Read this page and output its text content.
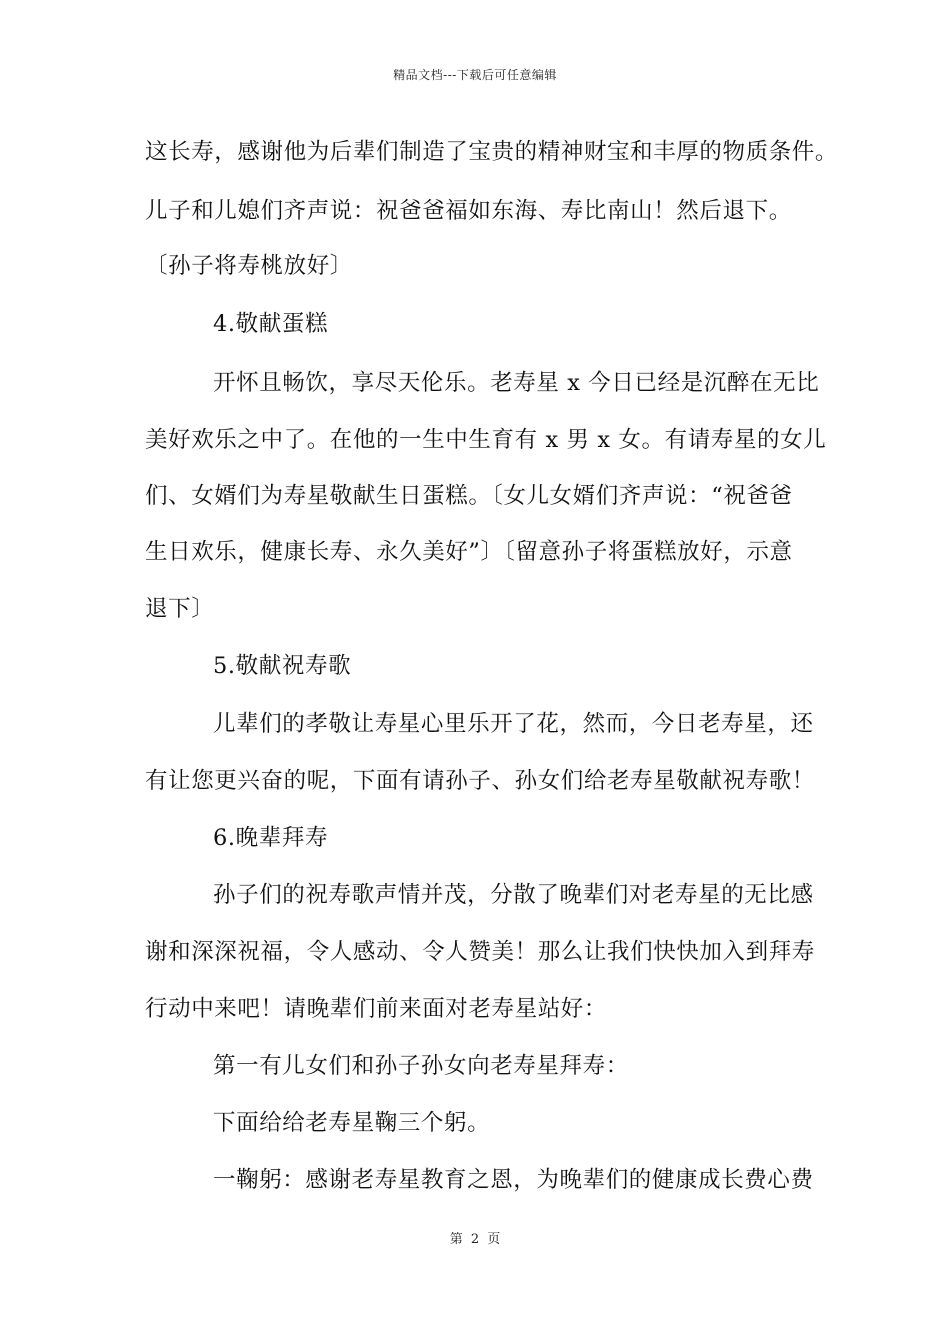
精品文档---下载后可任意编辑
这长寿，感谢他为后辈们制造了宝贵的精神财宝和丰厚的物质条件。
儿子和儿媳们齐声说：祝爸爸福如东海、寿比南山！然后退下。
〔孙子将寿桃放好〕
4.敬献蛋糕
开怀且畅饮，享尽天伦乐。老寿星 x 今日已经是沉醉在无比
美好欢乐之中了。在他的一生中生育有 x 男 x 女。有请寿星的女儿
们、女婿们为寿星敬献生日蛋糕。〔女儿女婿们齐声说：“祝爸爸
生日欢乐，健康长寿、永久美好”〕〔留意孙子将蛋糕放好，示意
退下〕
5.敬献祝寿歌
儿辈们的孝敬让寿星心里乐开了花，然而，今日老寿星，还
有让您更兴奋的呢，下面有请孙子、孙女们给老寿星敬献祝寿歌！
6.晚辈拜寿
孙子们的祝寿歌声情并茂，分散了晚辈们对老寿星的无比感
谢和深深祝福，令人感动、令人赞美！那么让我们快快加入到拜寿
行动中来吧！请晚辈们前来面对老寿星站好：
第一有儿女们和孙子孙女向老寿星拜寿：
下面给给老寿星鞠三个躬。
一鞠躬：感谢老寿星教育之恩，为晚辈们的健康成长费心费
第 2 页
